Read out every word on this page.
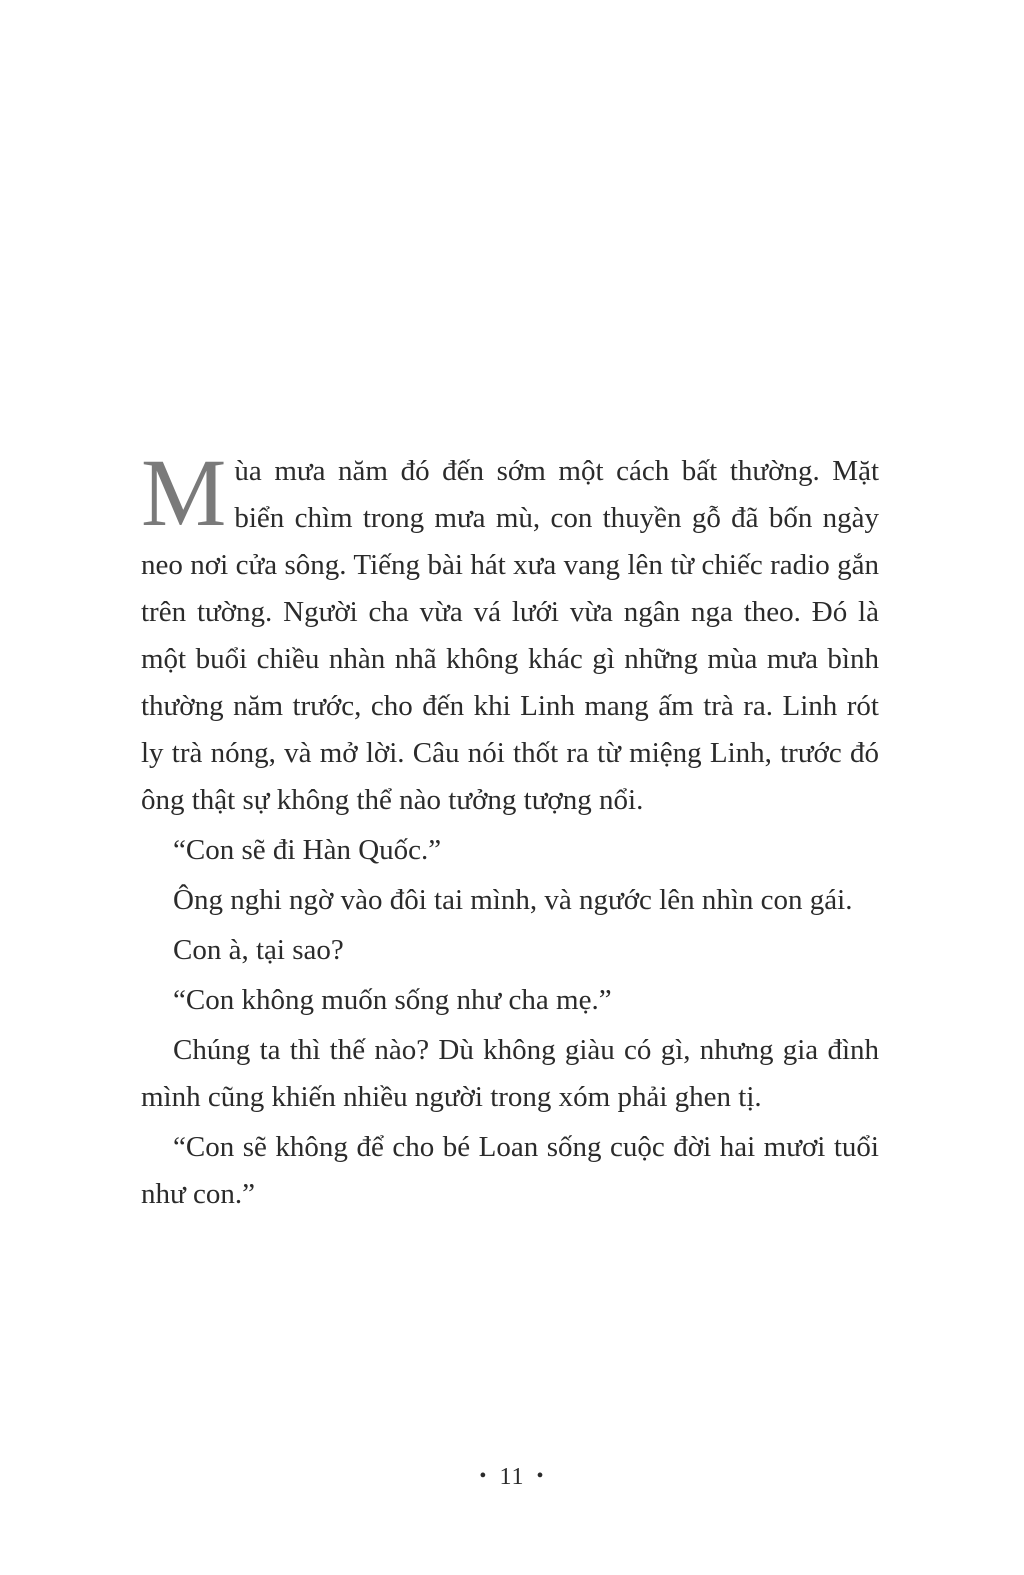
Mùa mưa năm đó đến sớm một cách bất thường. Mặt biển chìm trong mưa mù, con thuyền gỗ đã bốn ngày neo nơi cửa sông. Tiếng bài hát xưa vang lên từ chiếc radio gắn trên tường. Người cha vừa vá lưới vừa ngân nga theo. Đó là một buổi chiều nhàn nhã không khác gì những mùa mưa bình thường năm trước, cho đến khi Linh mang ấm trà ra. Linh rót ly trà nóng, và mở lời. Câu nói thốt ra từ miệng Linh, trước đó ông thật sự không thể nào tưởng tượng nổi.

“Con sẽ đi Hàn Quốc.”

Ông nghi ngờ vào đôi tai mình, và ngước lên nhìn con gái.

Con à, tại sao?

“Con không muốn sống như cha mẹ.”

Chúng ta thì thế nào? Dù không giàu có gì, nhưng gia đình mình cũng khiến nhiều người trong xóm phải ghen tị.

“Con sẽ không để cho bé Loan sống cuộc đời hai mươi tuổi như con.”

• 11 •
